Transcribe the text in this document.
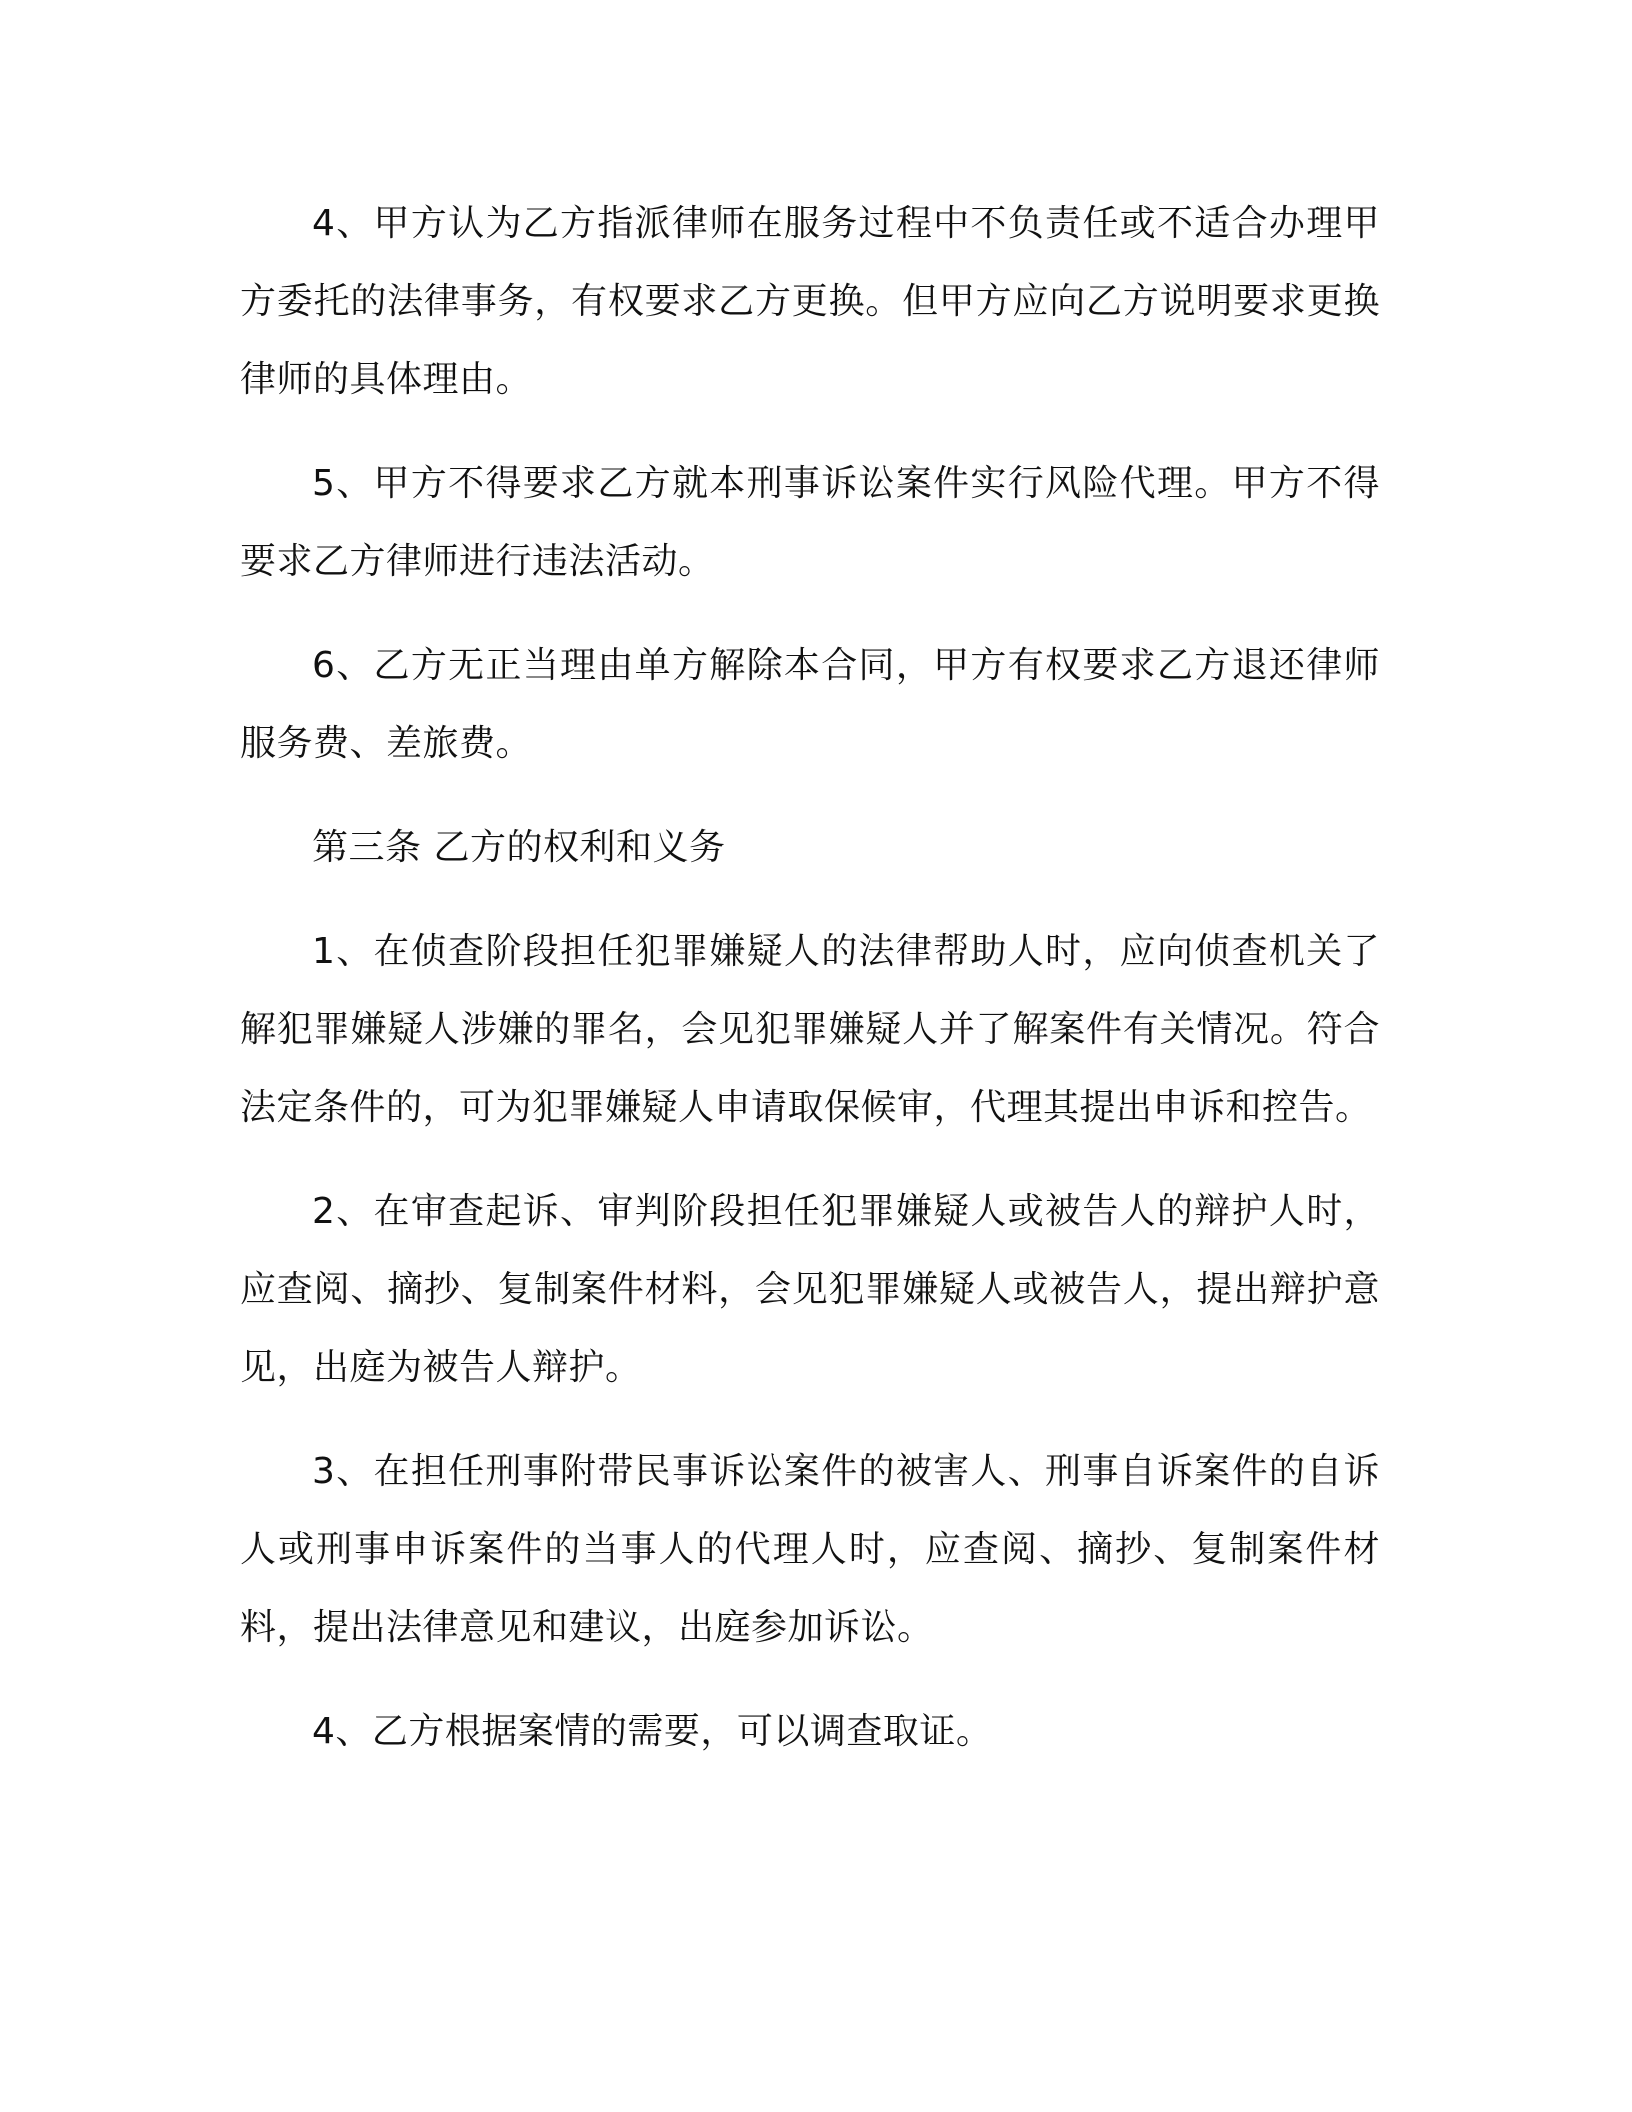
4、甲方认为乙方指派律师在服务过程中不负责任或不适合办理甲方委托的法律事务，有权要求乙方更换。但甲方应向乙方说明要求更换律师的具体理由。

5、甲方不得要求乙方就本刑事诉讼案件实行风险代理。甲方不得要求乙方律师进行违法活动。

6、乙方无正当理由单方解除本合同，甲方有权要求乙方退还律师服务费、差旅费。

第三条 乙方的权利和义务

1、在侦查阶段担任犯罪嫌疑人的法律帮助人时，应向侦查机关了解犯罪嫌疑人涉嫌的罪名，会见犯罪嫌疑人并了解案件有关情况。符合法定条件的，可为犯罪嫌疑人申请取保候审，代理其提出申诉和控告。

2、在审查起诉、审判阶段担任犯罪嫌疑人或被告人的辩护人时，应查阅、摘抄、复制案件材料，会见犯罪嫌疑人或被告人，提出辩护意见，出庭为被告人辩护。

3、在担任刑事附带民事诉讼案件的被害人、刑事自诉案件的自诉人或刑事申诉案件的当事人的代理人时，应查阅、摘抄、复制案件材料，提出法律意见和建议，出庭参加诉讼。

4、乙方根据案情的需要，可以调查取证。
